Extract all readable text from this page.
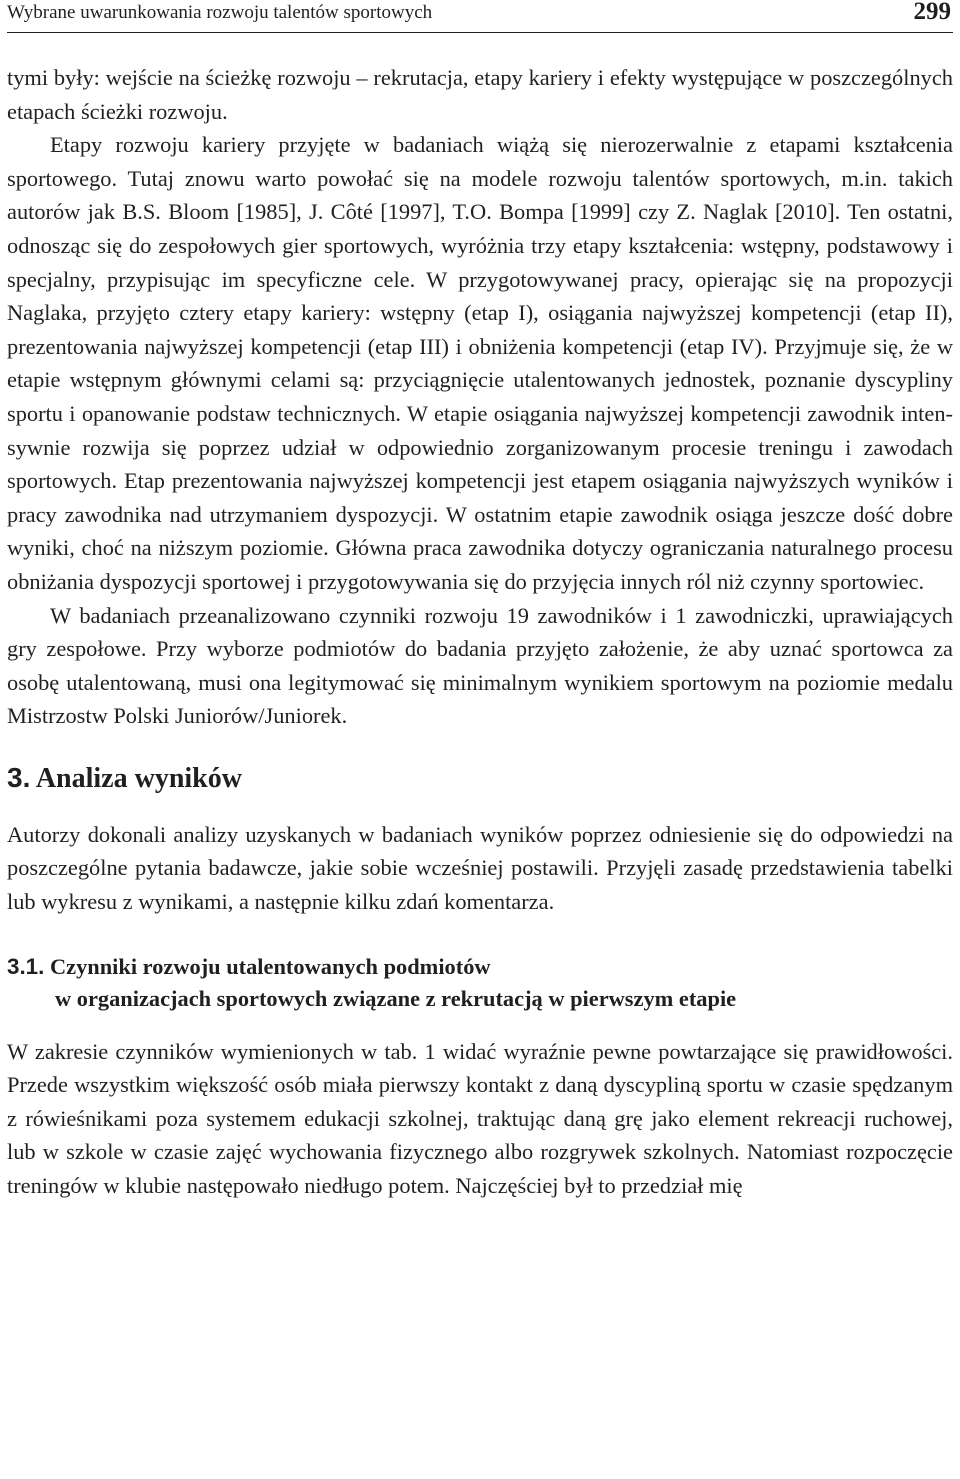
Wybrane uwarunkowania rozwoju talentów sportowych	299

tymi były: wejście na ścieżkę rozwoju – rekrutacja, etapy kariery i efekty występujące w poszczególnych etapach ścieżki rozwoju.

Etapy rozwoju kariery przyjęte w badaniach wiążą się nierozerwalnie z etapami kształcenia sportowego. Tutaj znowu warto powołać się na modele rozwoju talentów sportowych, m.in. takich autorów jak B.S. Bloom [1985], J. Côté [1997], T.O. Bompa [1999] czy Z. Naglak [2010]. Ten ostatni, odnosząc się do zespołowych gier sportowych, wyróżnia trzy etapy kształcenia: wstępny, podstawowy i specjalny, przypisując im specyficzne cele. W przygotowywanej pracy, opierając się na propozycji Naglaka, przyjęto cztery etapy kariery: wstępny (etap I), osiągania najwyższej kompetencji (etap II), prezentowania najwyższej kompetencji (etap III) i obniżenia kompetencji (etap IV). Przyjmuje się, że w etapie wstępnym głównymi celami są: przyciągnięcie utalentowanych jednostek, poznanie dyscypliny sportu i opanowanie podstaw technicznych. W etapie osiągania najwyższej kompetencji zawodnik intensywnie rozwija się poprzez udział w odpowiednio zorganizowanym procesie treningu i zawodach sportowych. Etap prezentowania najwyższej kompetencji jest etapem osiągania najwyższych wyników i pracy zawodnika nad utrzymaniem dyspozycji. W ostatnim etapie zawodnik osiąga jeszcze dość dobre wyniki, choć na niższym poziomie. Główna praca zawodnika dotyczy ograniczania naturalnego procesu obniżania dyspozycji sportowej i przygotowywania się do przyjęcia innych ról niż czynny sportowiec.

W badaniach przeanalizowano czynniki rozwoju 19 zawodników i 1 zawodniczki, uprawiających gry zespołowe. Przy wyborze podmiotów do badania przyjęto założenie, że aby uznać sportowca za osobę utalentowaną, musi ona legitymować się minimalnym wynikiem sportowym na poziomie medalu Mistrzostw Polski Juniorów/Juniorek.

3. Analiza wyników

Autorzy dokonali analizy uzyskanych w badaniach wyników poprzez odniesienie się do odpowiedzi na poszczególne pytania badawcze, jakie sobie wcześniej postawili. Przyjęli zasadę przedstawienia tabelki lub wykresu z wynikami, a następnie kilku zdań komentarza.

3.1. Czynniki rozwoju utalentowanych podmiotów
w organizacjach sportowych związane z rekrutacją w pierwszym etapie

W zakresie czynników wymienionych w tab. 1 widać wyraźnie pewne powtarzające się prawidłowości. Przede wszystkim większość osób miała pierwszy kontakt z daną dyscypliną sportu w czasie spędzanym z rówieśnikami poza systemem edukacji szkolnej, traktując daną grę jako element rekreacji ruchowej, lub w szkole w czasie zajęć wychowania fizycznego albo rozgrywek szkolnych. Natomiast rozpoczęcie treningów w klubie następowało niedługo potem. Najczęściej był to przedział mię
